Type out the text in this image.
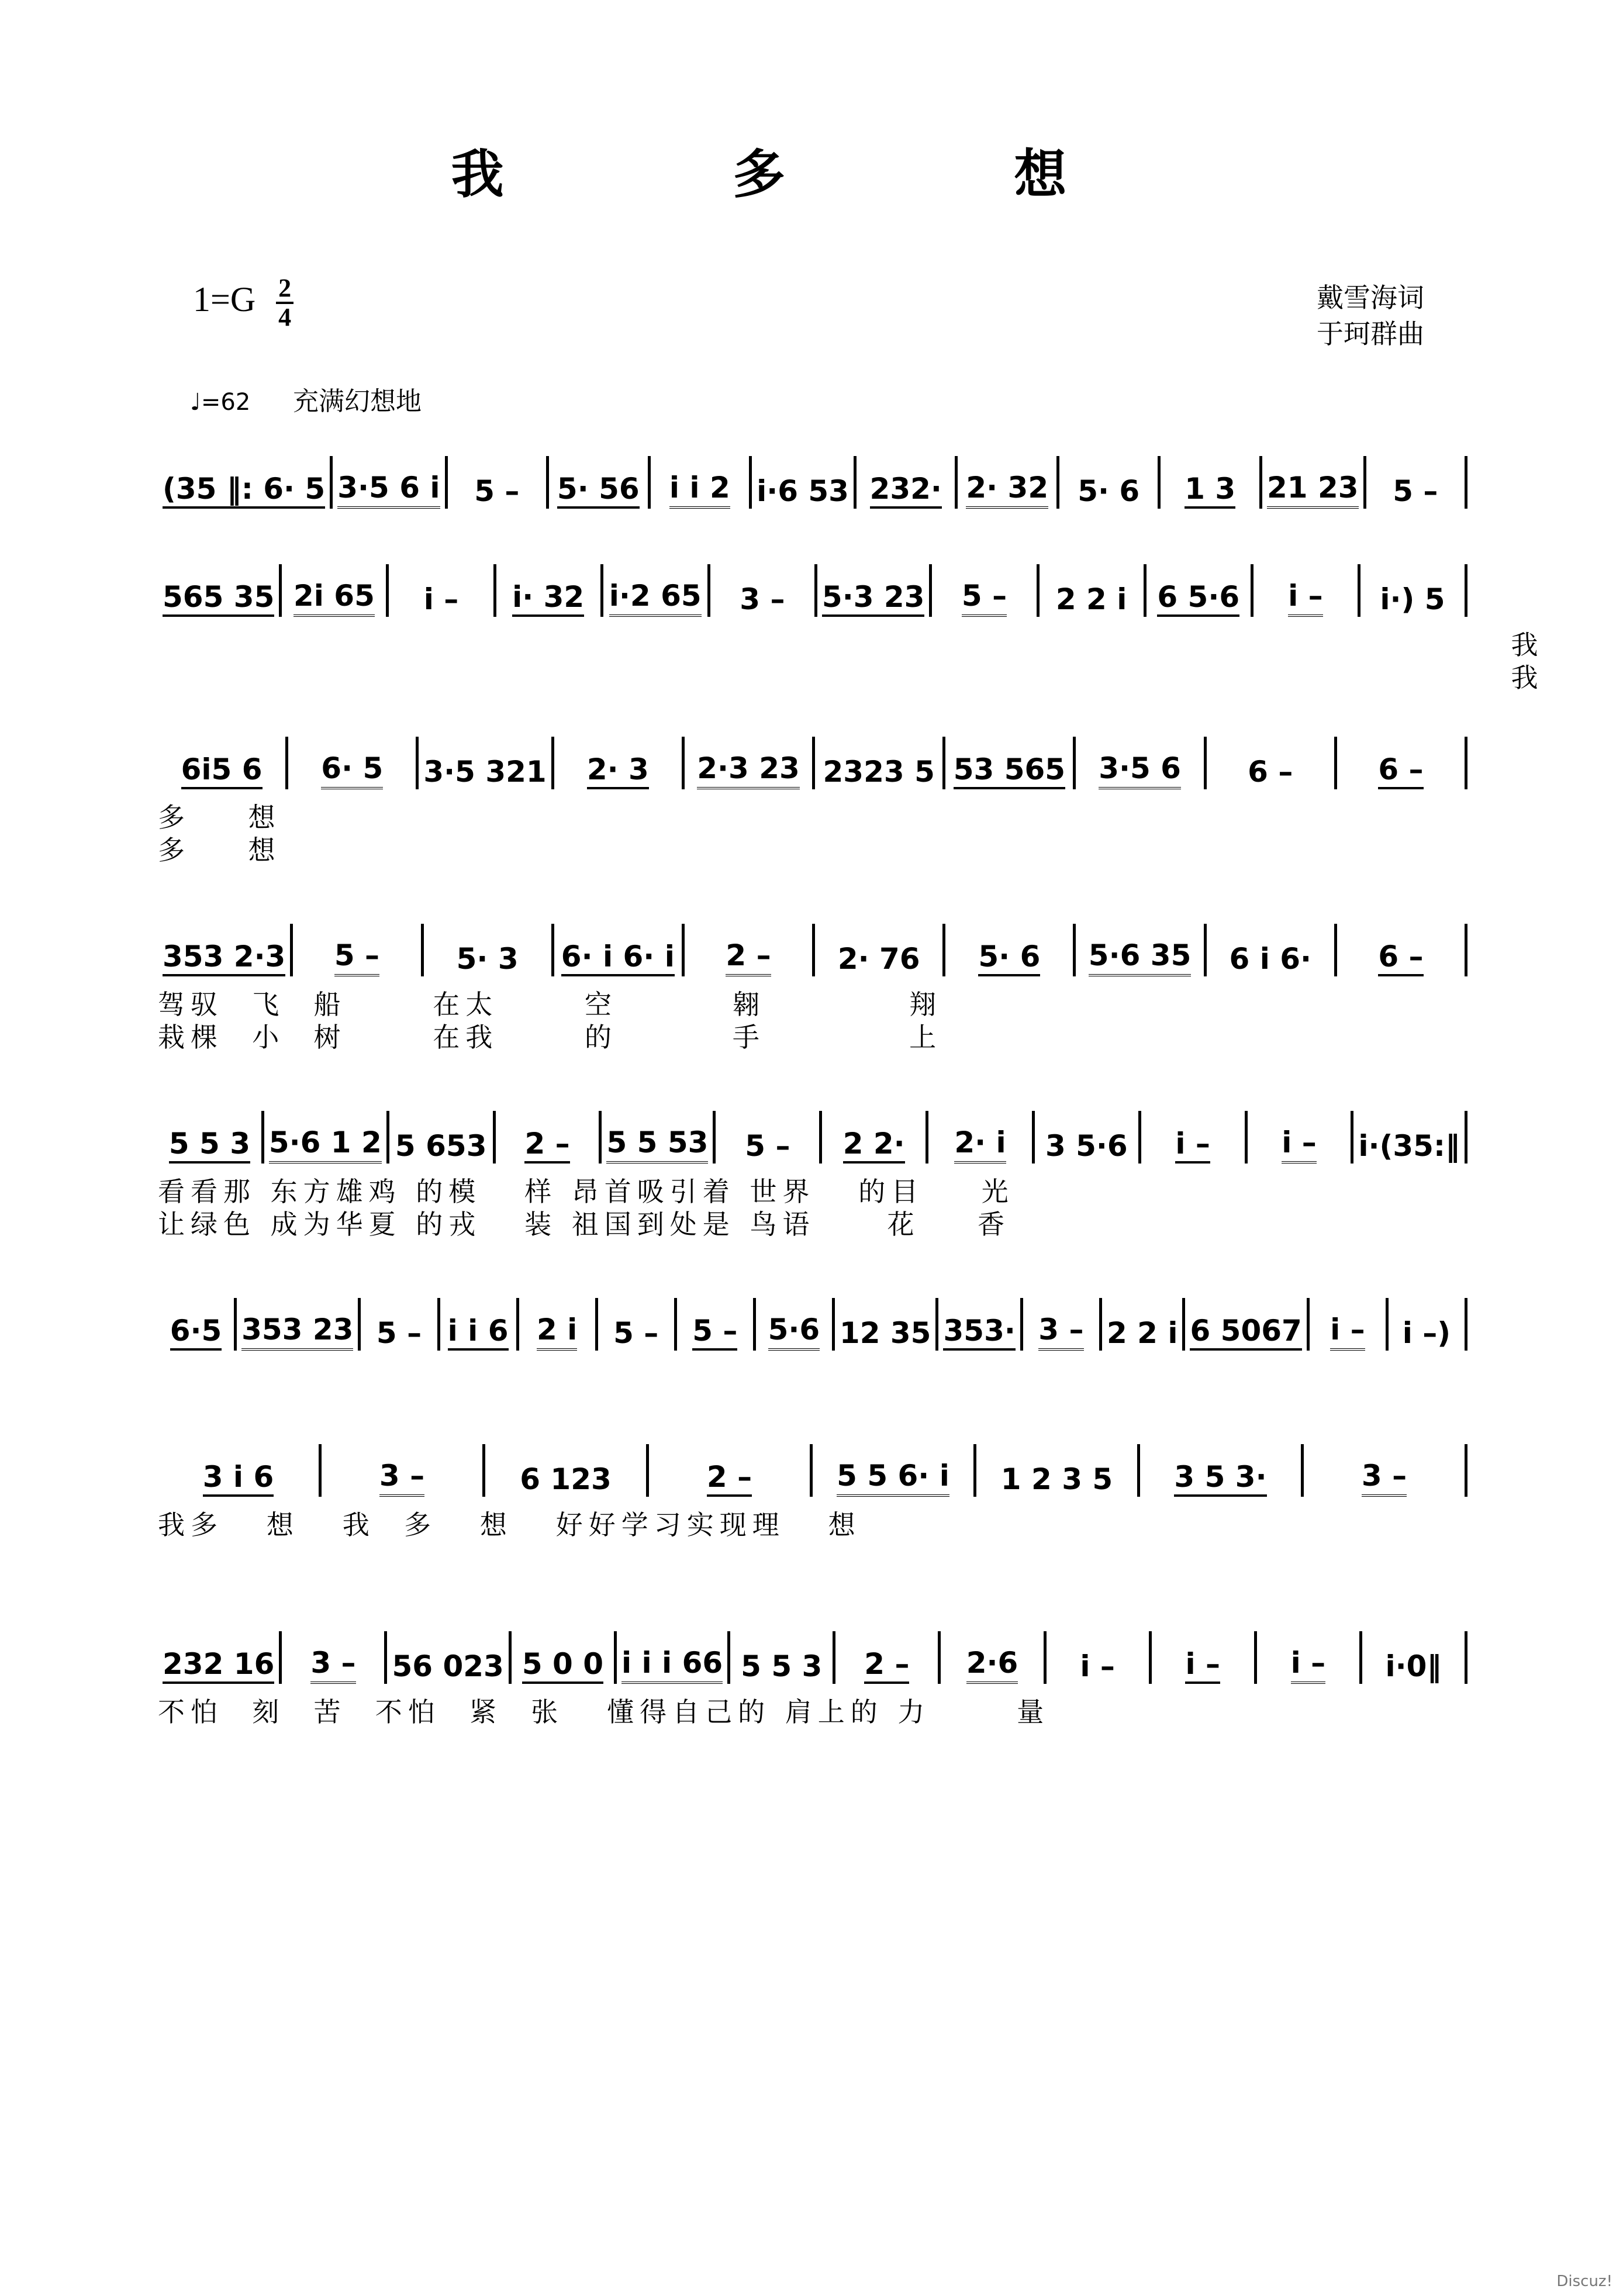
我 多 想
$1=G \frac{2}{4}$	戴雪海词
于珂群曲
♩=62 充满幻想地
(35 ‖: 6· 5 3·5 6 i 5 – 5· 56 i i 2 i·6 53 232· 2· 32 5· 6 1 3 21 23 5 –
565 35 2i 65 i – i· 32 i·2 65 3 – 5·3 23 5 – 2 2 i 6 5·6 i – i·) 5
我
我
6i5 6 6· 5 3·5 321 2· 3 2·3 23 2323 5 53 565 3·5 6 6 –	6 –
多    想
多    想
353 2·3 5 –	5· 3 6· i 6· i 2 – 2· 76 5· 6 5·6 35 6 i 6· 6 –
驾驭  飞  船      在太      空        翱          翔
栽棵  小  树      在我      的        手          上
5 5 3 5·6 1 2 5 653 2 – 5 5 53 5 – 2 2· 2· i 3 5·6 i – i – i·(35:‖
看看那 东方雄鸡 的模   样 昂首吸引着 世界   的目    光
让绿色 成为华夏 的戎   装 祖国到处是 鸟语     花    香
6·5 353 23 5 – i i 6 2 i 5 – 5 – 5·6 12 35 353· 3 – 2 2 i 6 5067 i – i –)
3 i 6	3 –	6 123	2 –	5 5 6· i 1 2 3 5 3 5 3·	3 –
我多   想   我  多   想   好好学习实现理   想
232 16 3 – 56 023 5 0 0 i i i 66 5 5 3 2 – 2·6 i – i – i – i·0‖
不怕  刻  苦  不怕  紧  张   懂得自己的 肩上的 力      量
Discuz!
